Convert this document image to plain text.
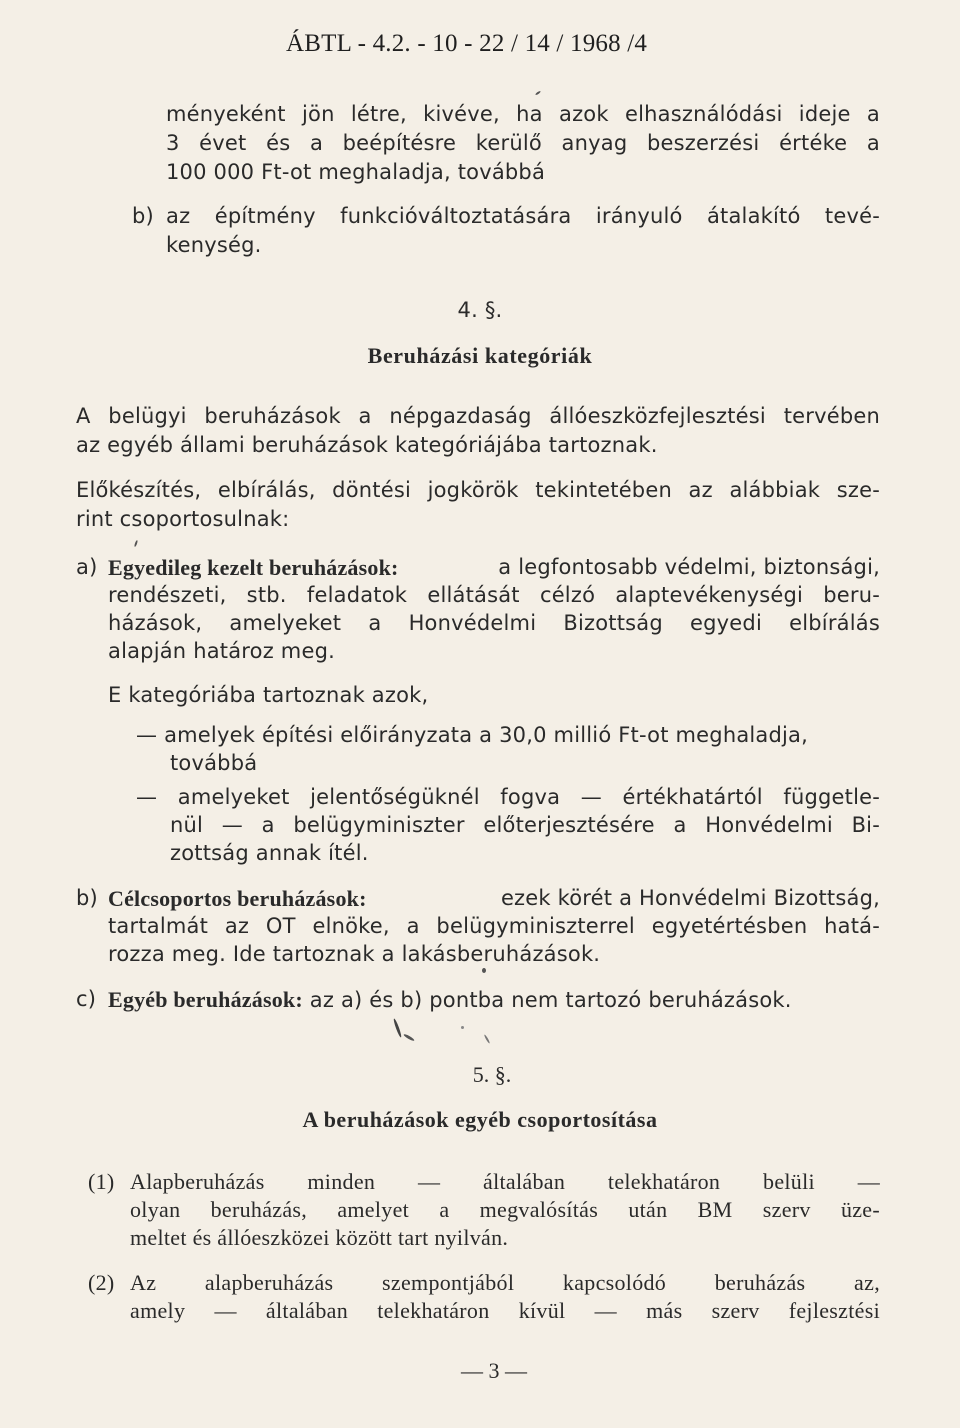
ÁBTL - 4.2. - 10 - 22 / 14 / 1968 /4
ményeként jön létre, kivéve, ha azok elhasználódási ideje a
3 évet és a beépítésre kerülő anyag beszerzési értéke a
100 000 Ft-ot meghaladja, továbbá
b) az építmény funkcióváltoztatására irányuló átalakító tevé-
kenység.
4. §.
Beruházási kategóriák
A belügyi beruházások a népgazdaság állóeszközfejlesztési tervében
az egyéb állami beruházások kategóriájába tartoznak.
Előkészítés, elbírálás, döntési jogkörök tekintetében az alábbiak sze-
rint csoportosulnak:
a) Egyedileg kezelt beruházások:	a legfontosabb védelmi, biztonsági,
rendészeti, stb. feladatok ellátását célzó alaptevékenységi beru-
házások, amelyeket a Honvédelmi Bizottság egyedi elbírálás
alapján határoz meg.
E kategóriába tartoznak azok,
— amelyek építési előirányzata a 30,0 millió Ft-ot meghaladja,
továbbá
— amelyeket jelentőségüknél fogva — értékhatártól függetle-
nül — a belügyminiszter előterjesztésére a Honvédelmi Bi-
zottság annak ítél.
b) Célcsoportos beruházások:	ezek körét a Honvédelmi Bizottság,
tartalmát az OT elnöke, a belügyminiszterrel egyetértésben hatá-
rozza meg. Ide tartoznak a lakásberuházások.
c) Egyéb beruházások: az a) és b) pontba nem tartozó beruházások.
5. §.
A beruházások egyéb csoportosítása
(1) Alapberuházás minden — általában telekhatáron belüli —
olyan beruházás, amelyet a megvalósítás után BM szerv üze-
meltet és állóeszközei között tart nyilván.
(2) Az alapberuházás szempontjából kapcsolódó beruházás az,
amely — általában telekhatáron kívül — más szerv fejlesztési
— 3 —
